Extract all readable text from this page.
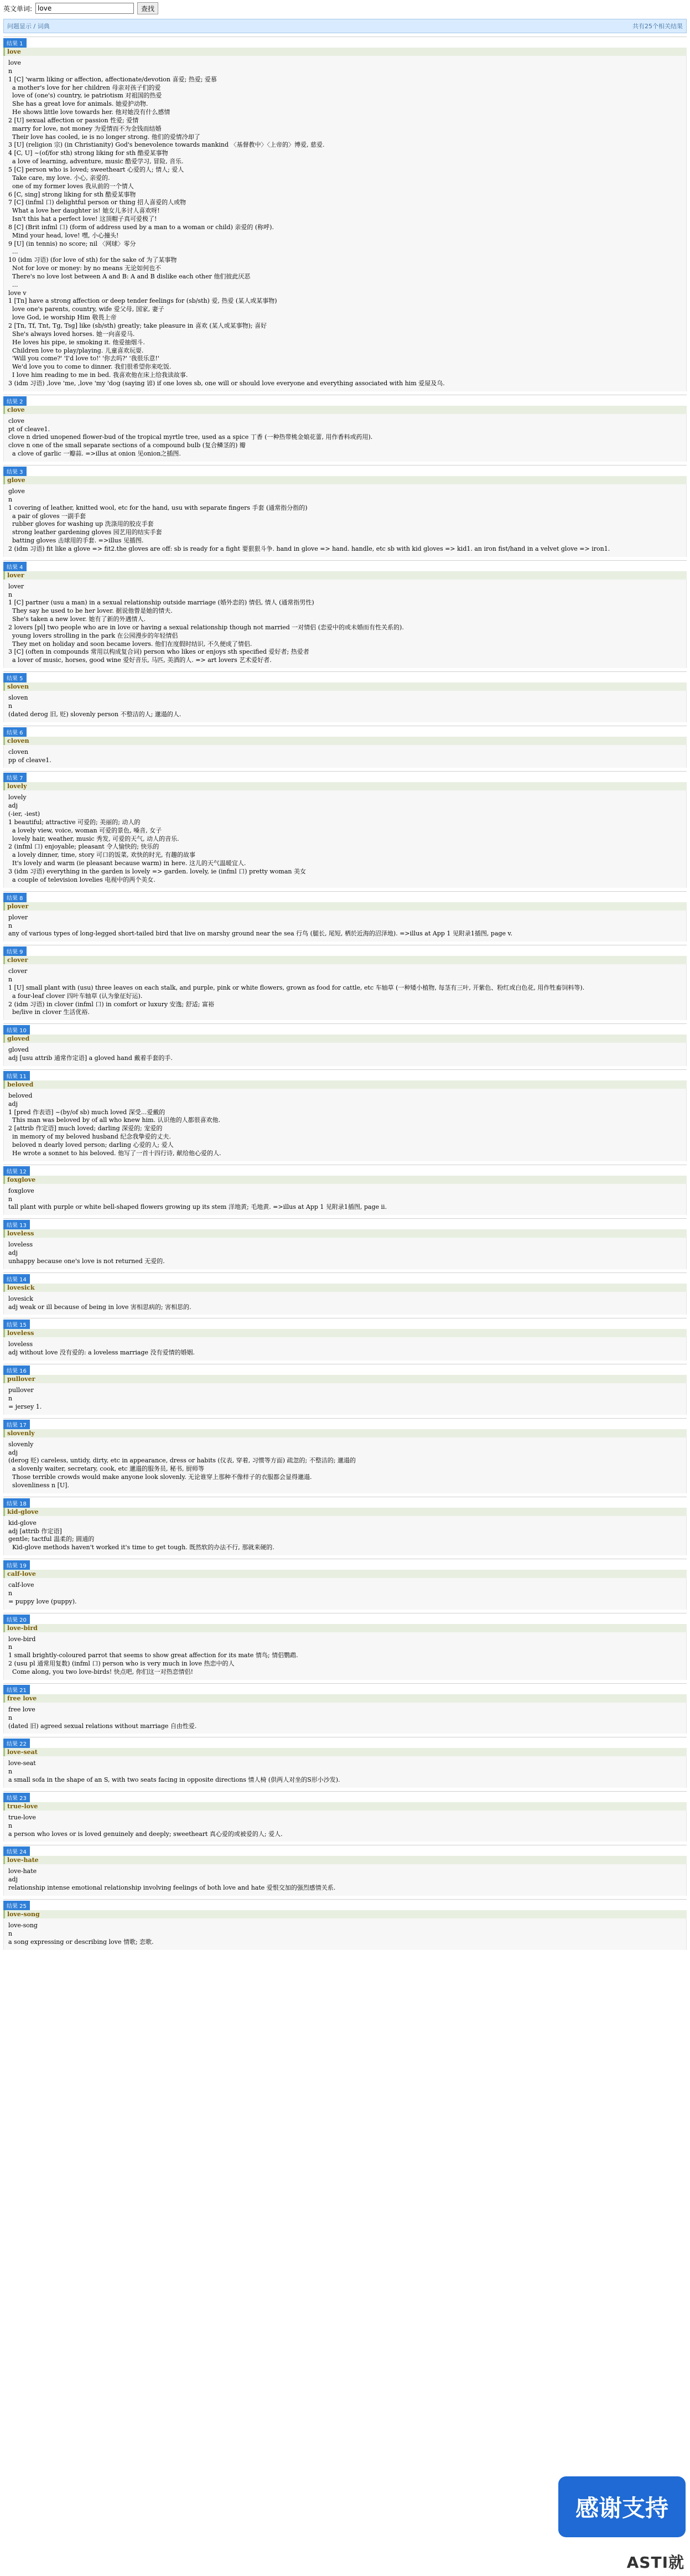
英文单词:
love	查找
问题显示 / 词典	共有25个相关结果
结果 1
love
love
n
1 [C] 'warm liking or affection, affectionate/devotion 喜爱; 热爱; 爱慕
a mother's love for her children 母亲对孩子们的爱
love of (one's) country, ie patriotism 对祖国的热爱
She has a great love for animals. 她爱护动物.
He shows little love towards her. 他对她没有什么感情
2 [U] sexual affection or passion 性爱; 爱情
marry for love, not money 为爱情而不为金钱而结婚
Their love has cooled, ie is no longer strong. 他们的爱情冷却了
3 [U] (religion 宗) (in Christianity) God's benevolence towards mankind 〈基督教中〉〈上帝的〉博爱, 慈爱.
4 [C, U] ~(of/for sth) strong liking for sth 酷爱某事物
a love of learning, adventure, music 酷爱学习, 冒险, 音乐.
5 [C] person who is loved; sweetheart 心爱的人; 情人; 爱人
Take care, my love. 小心, 亲爱的.
one of my former loves 我从前的一个情人
6 [C, sing] strong liking for sth 酷爱某事物
7 [C] (infml 口) delightful person or thing 招人喜爱的人或物
What a love her daughter is! 她女儿多讨人喜欢呀!
Isn't this hat a perfect love! 这顶帽子真可爱极了!
8 [C] (Brit infml 口) (form of address used by a man to a woman or child) 亲爱的 (称呼).
Mind your head, love! 嘿, 小心撞头!
9 [U] (in tennis) no score; nil 〈网球〉零分
...
10 (idm 习语) (for love of sth) for the sake of 为了某事物
Not for love or money: by no means 无论如何也不
There's no love lost between A and B: A and B dislike each other 他们彼此厌恶
...
love v
1 [Tn] have a strong affection or deep tender feelings for (sb/sth) 爱, 热爱 (某人或某事物)
love one's parents, country, wife 爱父母, 国家, 妻子
love God, ie worship Him 敬畏上帝
2 [Tn, Tf, Tnt, Tg, Tsg] like (sb/sth) greatly; take pleasure in 喜欢 (某人或某事物); 喜好
She's always loved horses. 她一向喜爱马.
He loves his pipe, ie smoking it. 他爱抽烟斗.
Children love to play/playing. 儿童喜欢玩耍.
'Will you come?' 'I'd love to!' '你去吗?' '我很乐意!'
We'd love you to come to dinner. 我们很希望你来吃饭.
I love him reading to me in bed. 我喜欢他在床上给我读故事.
3 (idm 习语) ,love 'me, ,love 'my 'dog (saying 谚) if one loves sb, one will or should love everyone and everything associated with him 爱屋及乌.
结果 2
clove
clove
pt of cleave1.
clove n dried unopened flower-bud of the tropical myrtle tree, used as a spice 丁香 (一种热带桃金娘花蕾, 用作香料或药用).
clove n one of the small separate sections of a compound bulb (复合鳞茎的) 瓣
a clove of garlic 一瓣蒜. =>illus at onion 见onion之插图.
结果 3
glove
glove
n
1 covering of leather, knitted wool, etc for the hand, usu with separate fingers 手套 (通常指分指的)
a pair of gloves 一副手套
rubber gloves for washing up 洗涤用的胶皮手套
strong leather gardening gloves 园艺用的结实手套
batting gloves 击球用的手套. =>illus 见插图.
2 (idm 习语) fit like a glove => fit2.the gloves are off: sb is ready for a fight 要狠狠斗争. hand in glove => hand. handle, etc sb with kid gloves => kid1. an iron fist/hand in a velvet glove => iron1.
结果 4
lover
lover
n
1 [C] partner (usu a man) in a sexual relationship outside marriage (婚外恋的) 情侣, 情人 (通常指男性)
They say he used to be her lover. 据说他曾是她的情夫.
She's taken a new lover. 她有了新的外遇情人.
2 lovers [pl] two people who are in love or having a sexual relationship though not married 一对情侣 (恋爱中的或未婚而有性关系的).
young lovers strolling in the park 在公园漫步的年轻情侣
They met on holiday and soon became lovers. 他们在度假时结识, 不久便成了情侣.
3 [C] (often in compounds 常用以构成复合词) person who likes or enjoys sth specified 爱好者; 热爱者
a lover of music, horses, good wine 爱好音乐, 马匹, 美酒的人. => art lovers 艺术爱好者.
结果 5
sloven
sloven
n
(dated derog 旧, 贬) slovenly person 不整洁的人; 邋遢的人.
结果 6
cloven
cloven
pp of cleave1.
结果 7
lovely
lovely
adj
(-ier, -iest)
1 beautiful; attractive 可爱的; 美丽的; 动人的
a lovely view, voice, woman 可爱的景色, 嗓音, 女子
lovely hair, weather, music 秀发, 可爱的天气, 动人的音乐.
2 (infml 口) enjoyable; pleasant 令人愉快的; 快乐的
a lovely dinner, time, story 可口的饭菜, 欢快的时光, 有趣的故事
It's lovely and warm (ie pleasant because warm) in here. 这儿的天气温暖宜人.
3 (idm 习语) everything in the garden is lovely => garden. lovely, ie (infml 口) pretty woman 美女
a couple of television lovelies 电视中的两个美女.
结果 8
plover
plover
n
any of various types of long-legged short-tailed bird that live on marshy ground near the sea 行鸟 (腿长, 尾短, 栖於近海的沼泽地). =>illus at App 1 见附录1插图, page v.
结果 9
clover
clover
n
1 [U] small plant with (usu) three leaves on each stalk, and purple, pink or white flowers, grown as food for cattle, etc 车轴草 (一种矮小植物, 每茎有三叶, 开紫色、粉红或白色花, 用作牲畜饲料等).
a four-leaf clover 四叶车轴草 (认为象征好运).
2 (idm 习语) in clover (infml 口) in comfort or luxury 安逸; 舒适; 富裕
be/live in clover 生活优裕.
结果 10
gloved
gloved
adj [usu attrib 通常作定语] a gloved hand 戴着手套的手.
结果 11
beloved
beloved
adj
1 [pred 作表语] ~(by/of sb) much loved 深受...爱戴的
This man was beloved by of all who knew him. 认识他的人都很喜欢他.
2 [attrib 作定语] much loved; darling 深爱的; 宠爱的
in memory of my beloved husband 纪念我挚爱的丈夫.
beloved n dearly loved person; darling 心爱的人; 爱人
He wrote a sonnet to his beloved. 他写了一首十四行诗, 献给他心爱的人.
结果 12
foxglove
foxglove
n
tall plant with purple or white bell-shaped flowers growing up its stem 洋地黄; 毛地黄. =>illus at App 1 见附录1插图, page ii.
结果 13
loveless
loveless
adj
unhappy because one's love is not returned 无爱的.
结果 14
lovesick
lovesick
adj weak or ill because of being in love 害相思病的; 害相思的.
结果 15
loveless
loveless
adj without love 没有爱的: a loveless marriage 没有爱情的婚姻.
结果 16
pullover
pullover
n
= jersey 1.
结果 17
slovenly
slovenly
adj
(derog 贬) careless, untidy, dirty, etc in appearance, dress or habits (仪表, 穿着, 习惯等方面) 疏忽的; 不整洁的; 邋遢的
a slovenly waiter, secretary, cook, etc 邋遢的服务员, 秘书, 厨师等
Those terrible crowds would make anyone look slovenly. 无论谁穿上那种不像样子的衣服都会显得邋遢.
slovenliness n [U].
结果 18
kid-glove
kid-glove
adj [attrib 作定语]
gentle; tactful 温柔的; 圆通的
Kid-glove methods haven't worked it's time to get tough. 既然软的办法不行, 那就来硬的.
结果 19
calf-love
calf-love
n
= puppy love (puppy).
结果 20
love-bird
love-bird
n
1 small brightly-coloured parrot that seems to show great affection for its mate 情鸟; 情侣鹦鹉.
2 (usu pl 通常用复数) (infml 口) person who is very much in love 热恋中的人
Come along, you two love-birds! 快点吧, 你们这一对热恋情侣!
结果 21
free love
free love
n
(dated 旧) agreed sexual relations without marriage 自由性爱.
结果 22
love-seat
love-seat
n
a small sofa in the shape of an S, with two seats facing in opposite directions 情人椅 (供两人对坐的S形小沙发).
结果 23
true-love
true-love
n
a person who loves or is loved genuinely and deeply; sweetheart 真心爱的或被爱的人; 爱人.
结果 24
love-hate
love-hate
adj
relationship intense emotional relationship involving feelings of both love and hate 爱恨交加的强烈感情关系.
结果 25
love-song
love-song
n
a song expressing or describing love 情歌; 恋歌.
感谢支持
ASTI就
